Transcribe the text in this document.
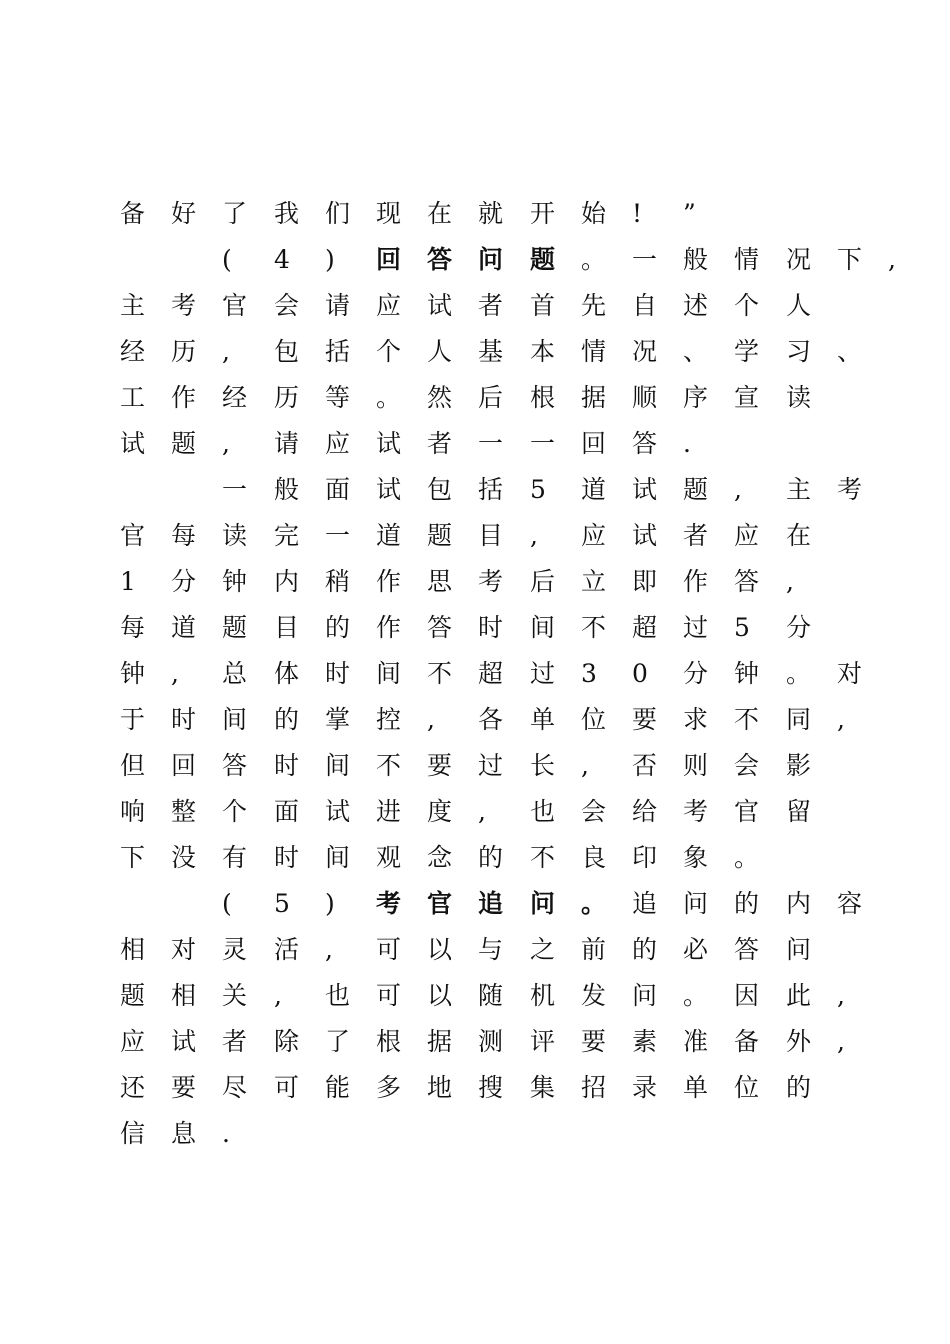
备 好 了 我 们 现 在 就 开 始 ! ”
( 4 ) 回 答 问 题 。 一 般 情 况 下 ,
主 考 官 会 请 应 试 者 首 先 自 述 个 人
经 历 , 包 括 个 人 基 本 情 况 、 学 习 、
工 作 经 历 等 。 然 后 根 据 顺 序 宣 读
试 题 , 请 应 试 者 一 一 回 答 .
一 般 面 试 包 括 5 道 试 题 , 主 考
官 每 读 完 一 道 题 目 , 应 试 者 应 在
1 分 钟 内 稍 作 思 考 后 立 即 作 答 ,
每 道 题 目 的 作 答 时 间 不 超 过 5 分
钟 , 总 体 时 间 不 超 过 3 0 分 钟 。 对
于 时 间 的 掌 控 , 各 单 位 要 求 不 同 ,
但 回 答 时 间 不 要 过 长 , 否 则 会 影
响 整 个 面 试 进 度 , 也 会 给 考 官 留
下 没 有 时 间 观 念 的 不 良 印 象 。
( 5 ) 考 官 追 问 。 追 问 的 内 容
相 对 灵 活 , 可 以 与 之 前 的 必 答 问
题 相 关 , 也 可 以 随 机 发 问 。 因 此 ,
应 试 者 除 了 根 据 测 评 要 素 准 备 外 ,
还 要 尽 可 能 多 地 搜 集 招 录 单 位 的
信 息 .
